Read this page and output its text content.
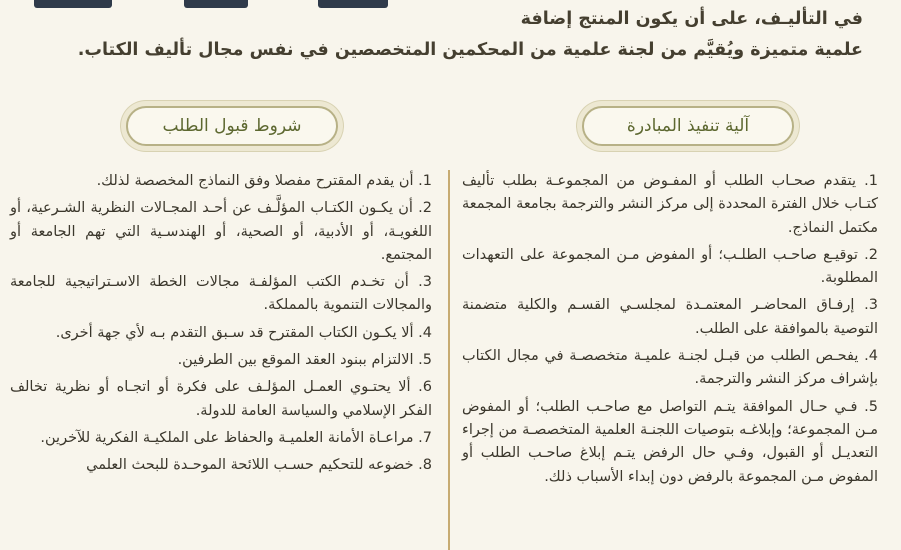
في التأليـف، على أن يكون المنتج إضافة
علمية متميزة ويُقيَّم من لجنة علمية من المحكمين المتخصصين في نفس مجال تأليف الكتاب.
آلية تنفيذ المبادرة
شروط قبول الطلب

1. يتقدم صحـاب الطلب أو المفـوض من المجموعـة بطلب تأليف كتـاب خلال الفترة المحددة إلى مركز النشر والترجمة بجامعة المجمعة مكتمل النماذج.

2. توقيـع صاحـب الطلـب؛ أو المفوض مـن المجموعة على التعهدات المطلوبة.

3. إرفـاق المحاضـر المعتمـدة لمجلسـي القسـم والكلية متضمنة التوصية بالموافقة على الطلب.

4. يفحـص الطلب من قبـل لجنـة علميـة متخصصـة في مجال الكتاب بإشراف مركز النشر والترجمة.

5. فـي حـال الموافقة يتـم التواصل مع صاحـب الطلب؛ أو المفوض مـن المجموعة؛ وإبلاغـه بتوصيات اللجنـة العلمية المتخصصـة من إجراء التعديـل أو القبول، وفـي حال الرفض يتـم إبلاغ صاحـب الطلب أو المفوض مـن المجموعة بالرفض دون إبداء الأسباب ذلك.

1. أن يقدم المقترح مفصلا وفق النماذج المخصصة لذلك.

2. أن يكـون الكتـاب المؤلَّـف عن أحـد المجـالات النظرية الشـرعية، أو اللغويـة، أو الأدبية، أو الصحية، أو الهندسـية التي تهم الجامعة أو المجتمع.

3. أن تخـدم الكتب المؤلفـة مجالات الخطة الاسـتراتيجية للجامعة والمجالات التنموية بالمملكة.

4. ألا يكـون الكتاب المقترح قد سـبق التقدم بـه لأي جهة أخرى.

5. الالتزام ببنود العقد الموقع بين الطرفين.

6. ألا يحتـوي العمـل المؤلـف على فكرة أو اتجـاه أو نظرية تخالف الفكر الإسلامي والسياسة العامة للدولة.

7. مراعـاة الأمانة العلميـة والحفاظ على الملكيـة الفكرية للآخرين.

8. خضوعه للتحكيم حسـب اللائحة الموحـدة للبحث العلمي
